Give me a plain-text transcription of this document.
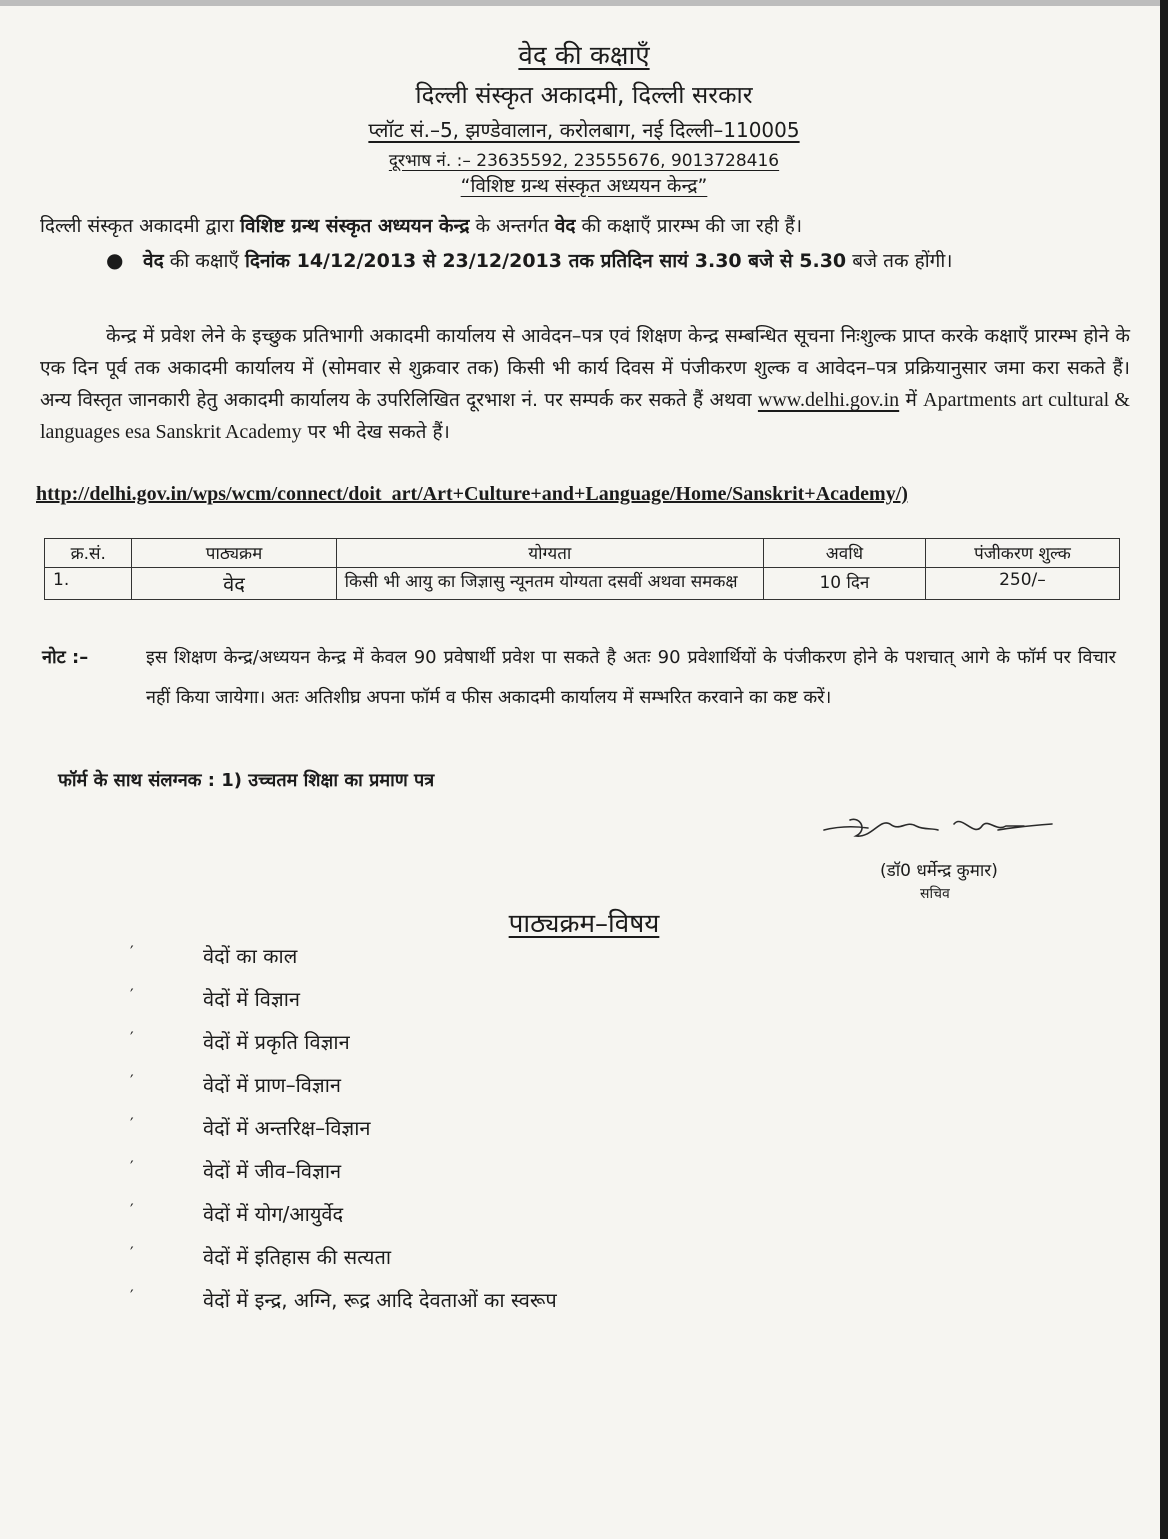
वेद की कक्षाएँ
दिल्ली संस्कृत अकादमी, दिल्ली सरकार
प्लॉट सं.–5, झण्डेवालान, करोलबाग, नई दिल्ली–110005
दूरभाष नं. :– 23635592, 23555676, 9013728416
“विशिष्ट ग्रन्थ संस्कृत अध्ययन केन्द्र”
दिल्ली संस्कृत अकादमी द्वारा विशिष्ट ग्रन्थ संस्कृत अध्ययन केन्द्र के अन्तर्गत वेद की कक्षाएँ प्रारम्भ की जा रही हैं।
● वेद की कक्षाएँ दिनांक 14/12/2013 से 23/12/2013 तक प्रतिदिन सायं 3.30 बजे से 5.30 बजे तक होंगी।
केन्द्र में प्रवेश लेने के इच्छुक प्रतिभागी अकादमी कार्यालय से आवेदन–पत्र एवं शिक्षण केन्द्र सम्बन्धित सूचना निःशुल्क प्राप्त करके कक्षाएँ प्रारम्भ होने के एक दिन पूर्व तक अकादमी कार्यालय में (सोमवार से शुक्रवार तक) किसी भी कार्य दिवस में पंजीकरण शुल्क व आवेदन–पत्र प्रक्रियानुसार जमा करा सकते हैं। अन्य विस्तृत जानकारी हेतु अकादमी कार्यालय के उपरिलिखित दूरभाश नं. पर सम्पर्क कर सकते हैं अथवा www.delhi.gov.in में Apartments art cultural & languages esa Sanskrit Academy पर भी देख सकते हैं।
http://delhi.gov.in/wps/wcm/connect/doit_art/Art+Culture+and+Language/Home/Sanskrit+Academy/)
क्र.सं.	पाठ्यक्रम	योग्यता	अवधि	पंजीकरण शुल्क
1.	वेद	किसी भी आयु का जिज्ञासु न्यूनतम योग्यता दसवीं अथवा समकक्ष	10 दिन	250/–
नोट :–	इस शिक्षण केन्द्र/अध्ययन केन्द्र में केवल 90 प्रवेषार्थी प्रवेश पा सकते है अतः 90 प्रवेशार्थियों के पंजीकरण होने के पशचात् आगे के फॉर्म पर विचार नहीं किया जायेगा। अतः अतिशीघ्र अपना फॉर्म व फीस अकादमी कार्यालय में सम्भरित करवाने का कष्ट करें।
फॉर्म के साथ संलग्नक : 1) उच्चतम शिक्षा का प्रमाण पत्र
(डॉ0 धर्मेन्द्र कुमार)
सचिव
पाठ्यक्रम–विषय
′	वेदों का काल
′	वेदों में विज्ञान
′	वेदों में प्रकृति विज्ञान
′	वेदों में प्राण–विज्ञान
′	वेदों में अन्तरिक्ष–विज्ञान
′	वेदों में जीव–विज्ञान
′	वेदों में योग/आयुर्वेद
′	वेदों में इतिहास की सत्यता
′	वेदों में इन्द्र, अग्नि, रूद्र आदि देवताओं का स्वरूप
